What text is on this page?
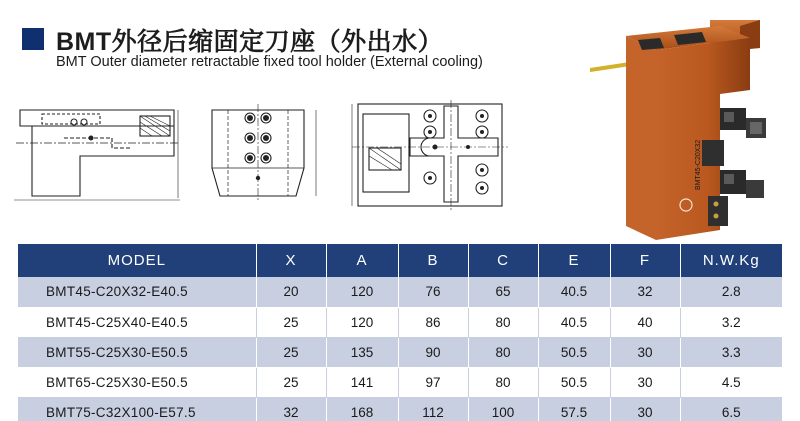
BMT外径后缩固定刀座（外出水）
BMT Outer diameter retractable fixed tool holder (External cooling)
BMT45-C20X32
MODEL	X	A	B	C	E	F	N.W.Kg
BMT45-C20X32-E40.5	20	120	76	65	40.5	32	2.8
BMT45-C25X40-E40.5	25	120	86	80	40.5	40	3.2
BMT55-C25X30-E50.5	25	135	90	80	50.5	30	3.3
BMT65-C25X30-E50.5	25	141	97	80	50.5	30	4.5
BMT75-C32X100-E57.5	32	168	112	100	57.5	30	6.5
